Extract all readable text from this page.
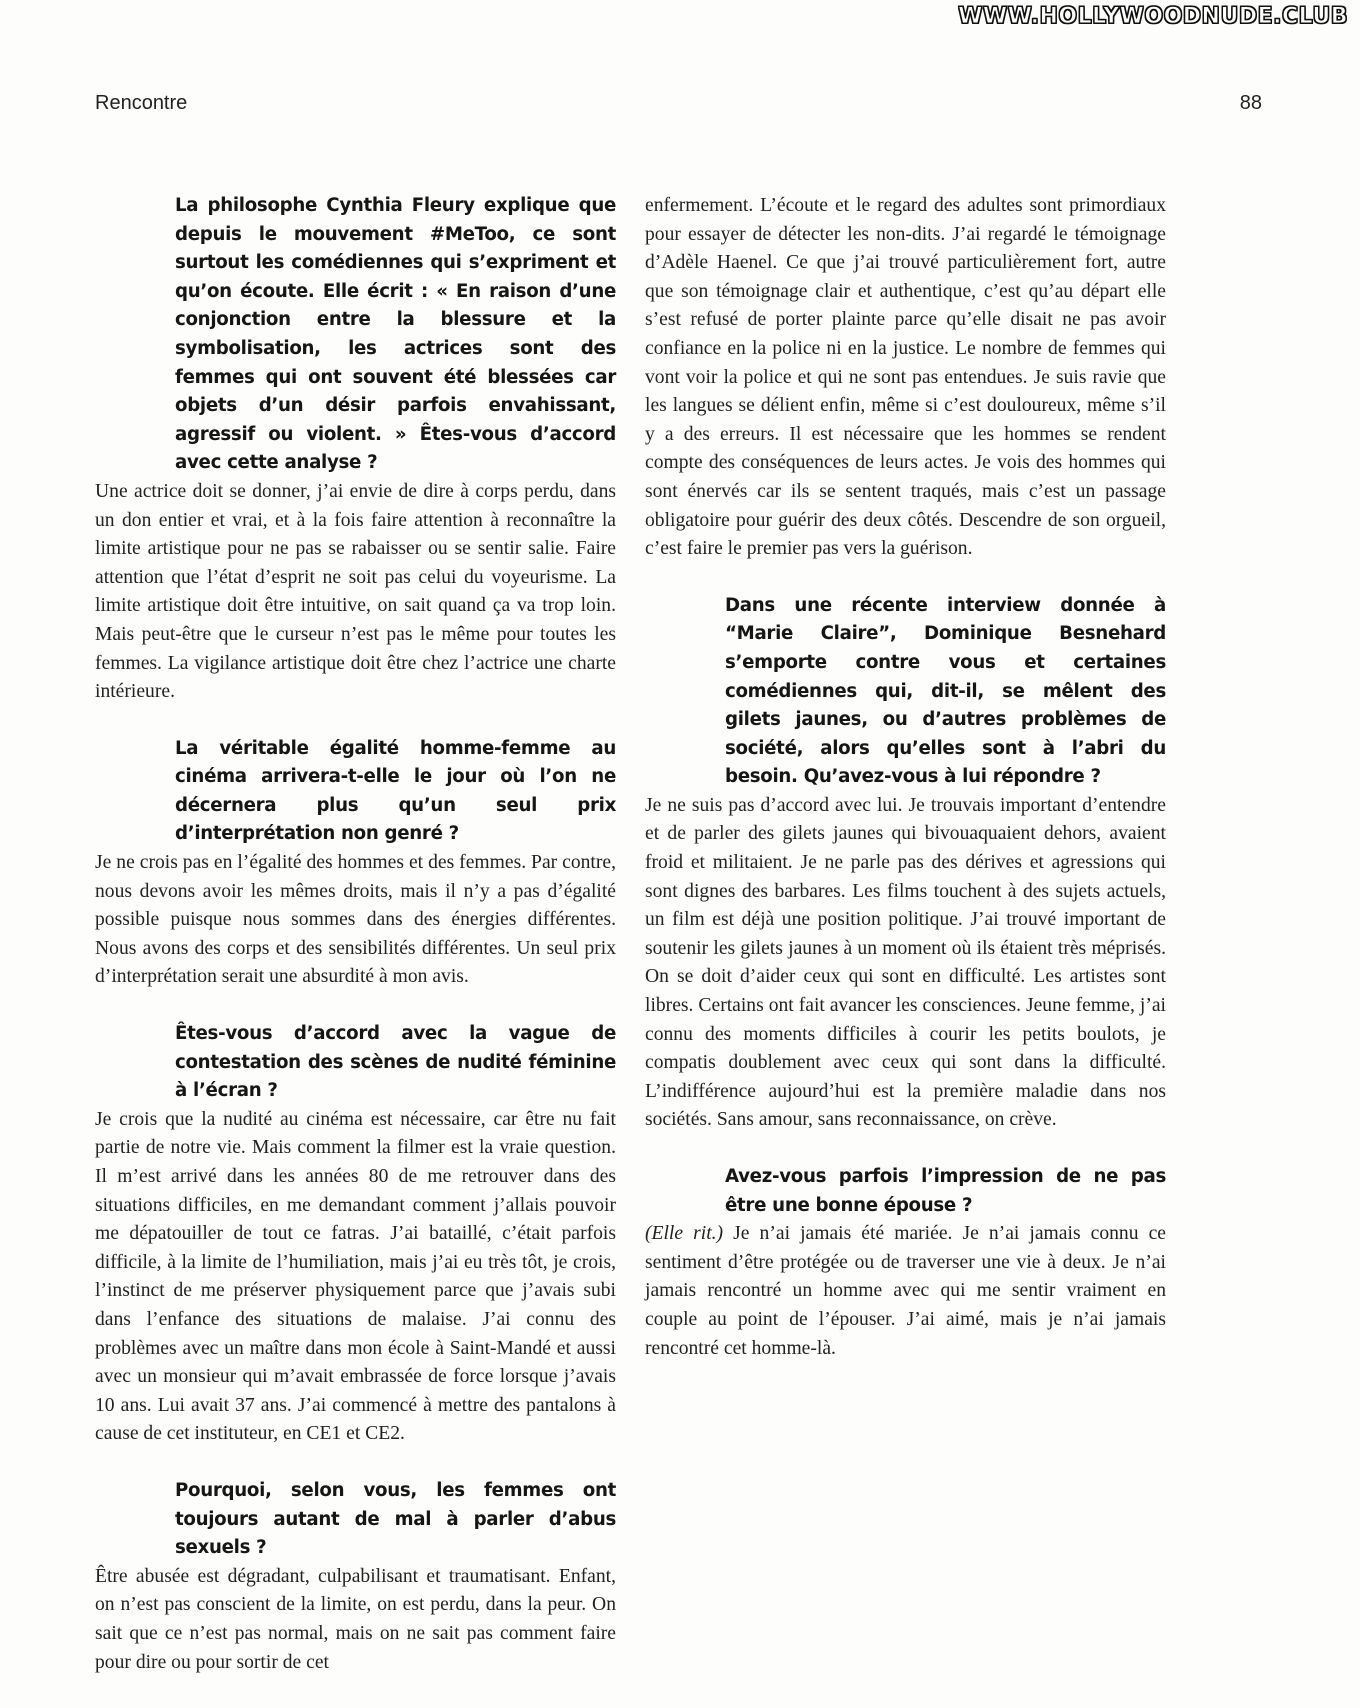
WWW.HOLLYWOODNUDE.CLUB
Rencontre	88

La philosophe Cynthia Fleury explique que depuis le mouvement #MeToo, ce sont surtout les comédiennes qui s’expriment et qu’on écoute. Elle écrit : « En raison d’une conjonction entre la blessure et la symbolisation, les actrices sont des femmes qui ont souvent été blessées car objets d’un désir parfois envahissant, agressif ou violent. » Êtes-vous d’accord avec cette analyse ?

Une actrice doit se donner, j’ai envie de dire à corps perdu, dans un don entier et vrai, et à la fois faire attention à reconnaître la limite artistique pour ne pas se rabaisser ou se sentir salie. Faire attention que l’état d’esprit ne soit pas celui du voyeurisme. La limite artistique doit être intuitive, on sait quand ça va trop loin. Mais peut-être que le curseur n’est pas le même pour toutes les femmes. La vigilance artistique doit être chez l’actrice une charte intérieure.

La véritable égalité homme-femme au cinéma arrivera-t-elle le jour où l’on ne décernera plus qu’un seul prix d’interprétation non genré ?

Je ne crois pas en l’égalité des hommes et des femmes. Par contre, nous devons avoir les mêmes droits, mais il n’y a pas d’égalité possible puisque nous sommes dans des énergies différentes. Nous avons des corps et des sensibilités différentes. Un seul prix d’interprétation serait une absurdité à mon avis.

Êtes-vous d’accord avec la vague de contestation des scènes de nudité féminine à l’écran ?

Je crois que la nudité au cinéma est nécessaire, car être nu fait partie de notre vie. Mais comment la filmer est la vraie question. Il m’est arrivé dans les années 80 de me retrouver dans des situations difficiles, en me demandant comment j’allais pouvoir me dépatouiller de tout ce fatras. J’ai bataillé, c’était parfois difficile, à la limite de l’humiliation, mais j’ai eu très tôt, je crois, l’instinct de me préserver physiquement parce que j’avais subi dans l’enfance des situations de malaise. J’ai connu des problèmes avec un maître dans mon école à Saint-Mandé et aussi avec un monsieur qui m’avait embrassée de force lorsque j’avais 10 ans. Lui avait 37 ans. J’ai commencé à mettre des pantalons à cause de cet instituteur, en CE1 et CE2.

Pourquoi, selon vous, les femmes ont toujours autant de mal à parler d’abus sexuels ?

Être abusée est dégradant, culpabilisant et traumatisant. Enfant, on n’est pas conscient de la limite, on est perdu, dans la peur. On sait que ce n’est pas normal, mais on ne sait pas comment faire pour dire ou pour sortir de cet

enfermement. L’écoute et le regard des adultes sont primordiaux pour essayer de détecter les non-dits. J’ai regardé le témoignage d’Adèle Haenel. Ce que j’ai trouvé particulièrement fort, autre que son témoignage clair et authentique, c’est qu’au départ elle s’est refusé de porter plainte parce qu’elle disait ne pas avoir confiance en la police ni en la justice. Le nombre de femmes qui vont voir la police et qui ne sont pas entendues. Je suis ravie que les langues se délient enfin, même si c’est douloureux, même s’il y a des erreurs. Il est nécessaire que les hommes se rendent compte des conséquences de leurs actes. Je vois des hommes qui sont énervés car ils se sentent traqués, mais c’est un passage obligatoire pour guérir des deux côtés. Descendre de son orgueil, c’est faire le premier pas vers la guérison.

Dans une récente interview donnée à “Marie Claire”, Dominique Besnehard s’emporte contre vous et certaines comédiennes qui, dit-il, se mêlent des gilets jaunes, ou d’autres problèmes de société, alors qu’elles sont à l’abri du besoin. Qu’avez-vous à lui répondre ?

Je ne suis pas d’accord avec lui. Je trouvais important d’entendre et de parler des gilets jaunes qui bivouaquaient dehors, avaient froid et militaient. Je ne parle pas des dérives et agressions qui sont dignes des barbares. Les films touchent à des sujets actuels, un film est déjà une position politique. J’ai trouvé important de soutenir les gilets jaunes à un moment où ils étaient très méprisés. On se doit d’aider ceux qui sont en difficulté. Les artistes sont libres. Certains ont fait avancer les consciences. Jeune femme, j’ai connu des moments difficiles à courir les petits boulots, je compatis doublement avec ceux qui sont dans la difficulté. L’indifférence aujourd’hui est la première maladie dans nos sociétés. Sans amour, sans reconnaissance, on crève.

Avez-vous parfois l’impression de ne pas être une bonne épouse ?

(Elle rit.) Je n’ai jamais été mariée. Je n’ai jamais connu ce sentiment d’être protégée ou de traverser une vie à deux. Je n’ai jamais rencontré un homme avec qui me sentir vraiment en couple au point de l’épouser. J’ai aimé, mais je n’ai jamais rencontré cet homme-là.
